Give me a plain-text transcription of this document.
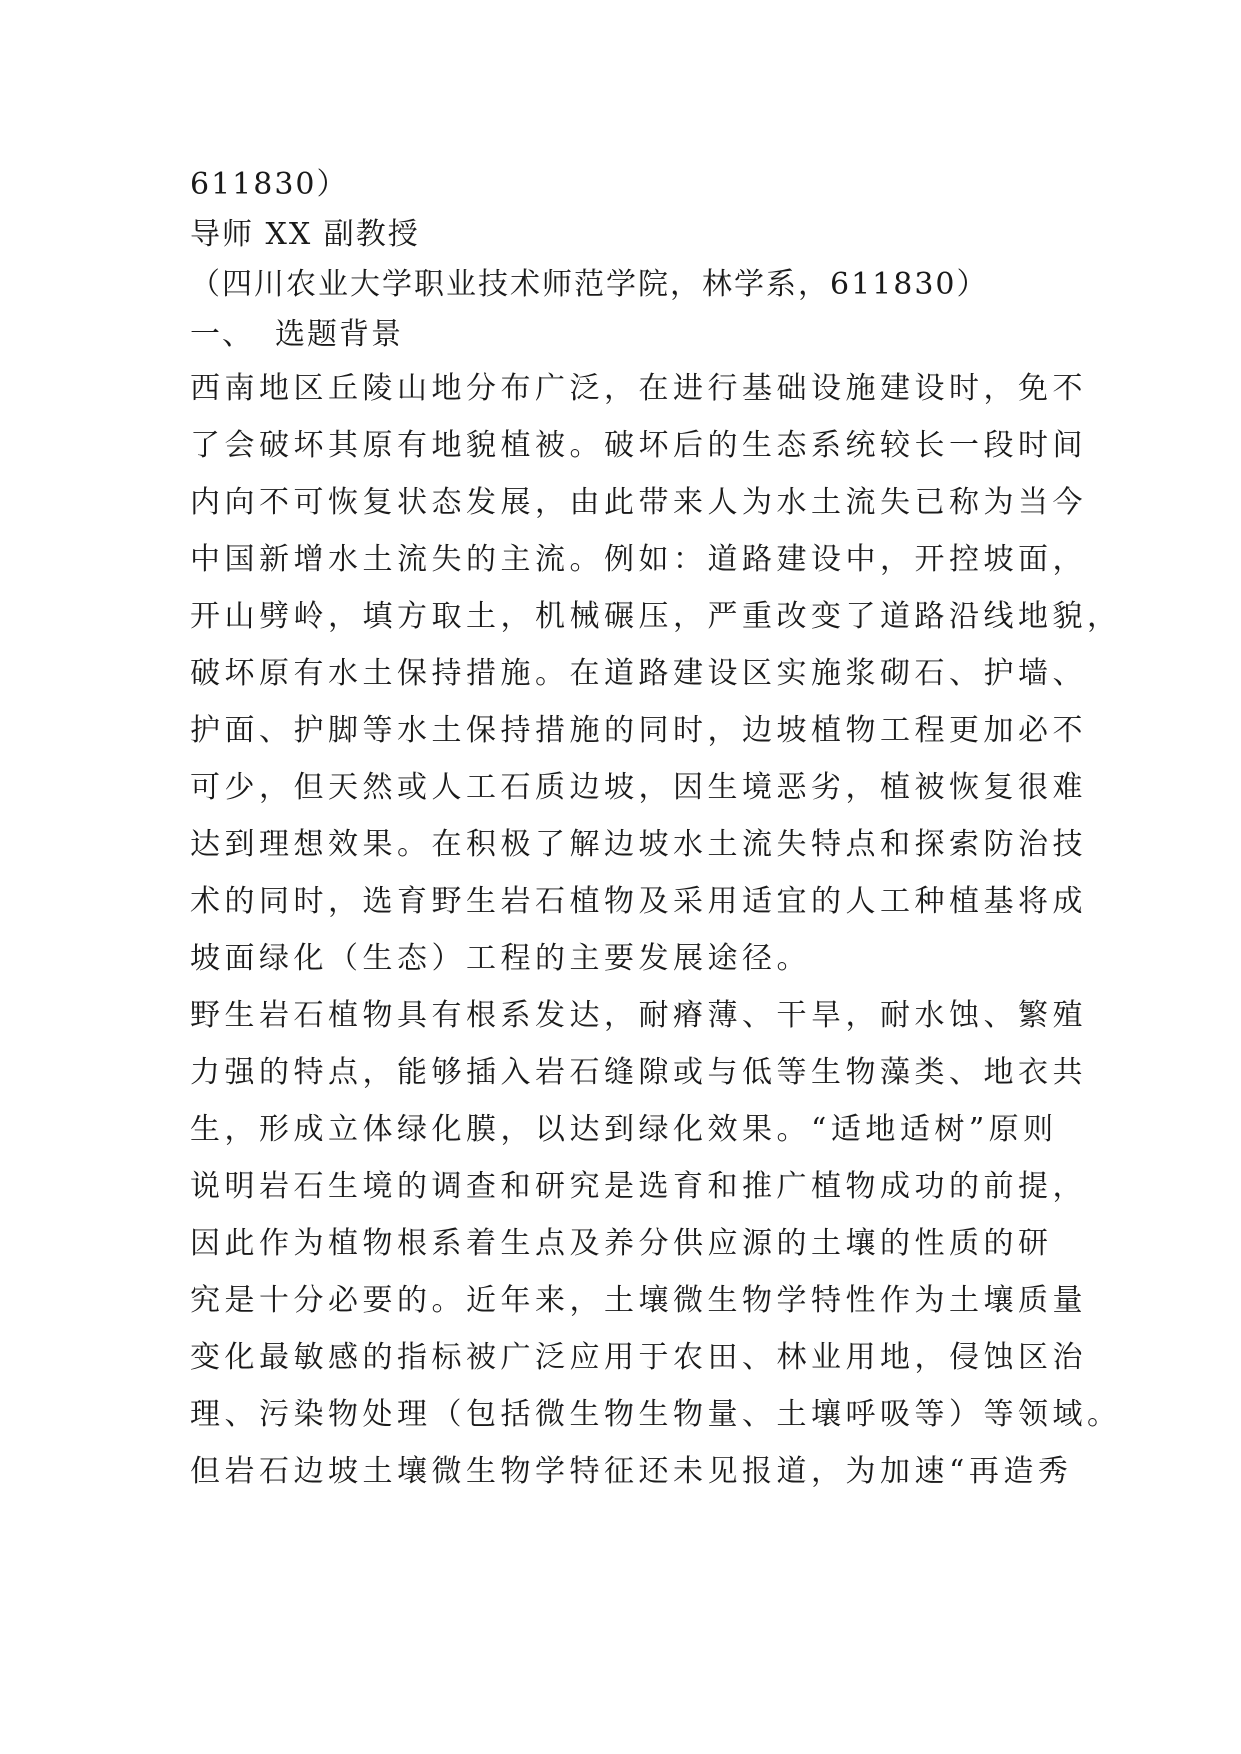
611830）
导师 XX 副教授
（四川农业大学职业技术师范学院，林学系，611830）
一、 选题背景
西南地区丘陵山地分布广泛，在进行基础设施建设时，免不
了会破坏其原有地貌植被。破坏后的生态系统较长一段时间
内向不可恢复状态发展，由此带来人为水土流失已称为当今
中国新增水土流失的主流。例如：道路建设中，开控坡面，
开山劈岭，填方取土，机械碾压，严重改变了道路沿线地貌，
破坏原有水土保持措施。在道路建设区实施浆砌石、护墙、
护面、护脚等水土保持措施的同时，边坡植物工程更加必不
可少，但天然或人工石质边坡，因生境恶劣，植被恢复很难
达到理想效果。在积极了解边坡水土流失特点和探索防治技
术的同时，选育野生岩石植物及采用适宜的人工种植基将成
坡面绿化（生态）工程的主要发展途径。
野生岩石植物具有根系发达，耐瘠薄、干旱，耐水蚀、繁殖
力强的特点，能够插入岩石缝隙或与低等生物藻类、地衣共
生，形成立体绿化膜，以达到绿化效果。“适地适树”原则
说明岩石生境的调查和研究是选育和推广植物成功的前提，
因此作为植物根系着生点及养分供应源的土壤的性质的研
究是十分必要的。近年来，土壤微生物学特性作为土壤质量
变化最敏感的指标被广泛应用于农田、林业用地，侵蚀区治
理、污染物处理（包括微生物生物量、土壤呼吸等）等领域。
但岩石边坡土壤微生物学特征还未见报道，为加速“再造秀
